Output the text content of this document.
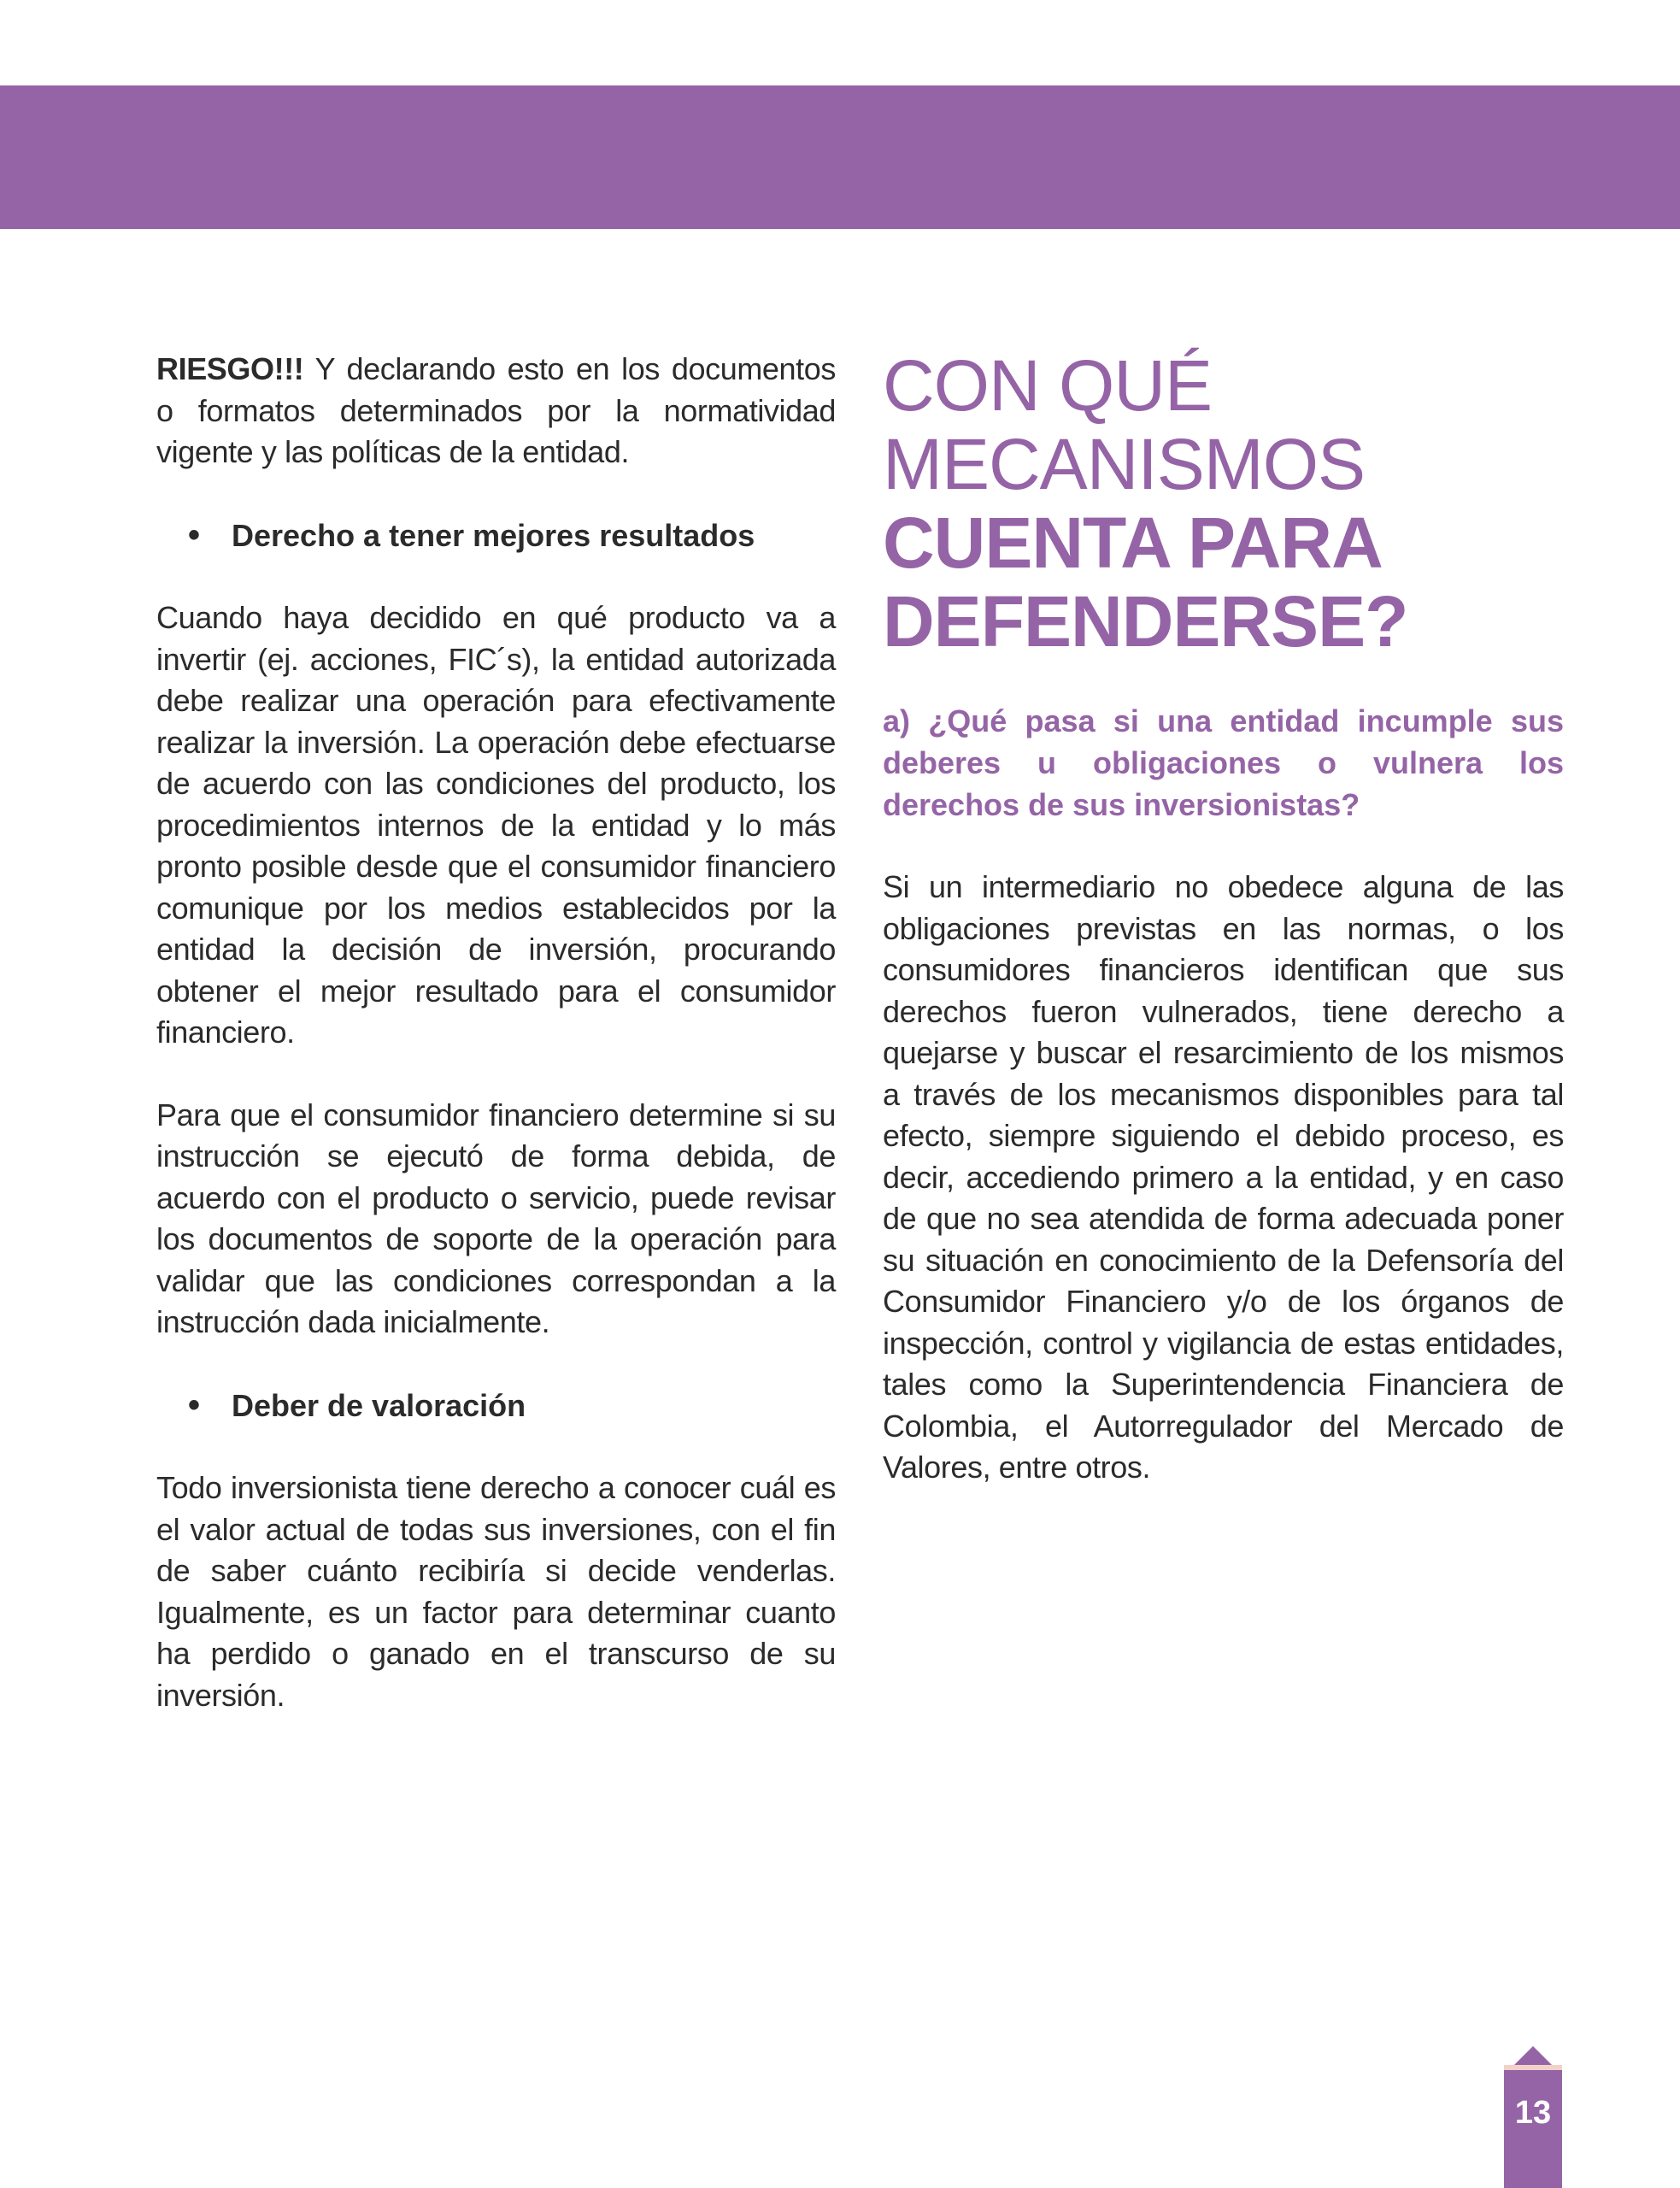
RIESGO!!! Y declarando esto en los documentos o formatos determinados por la normatividad vigente y las políticas de la entidad.

•	Derecho a tener mejores resultados

Cuando haya decidido en qué producto va a invertir (ej. acciones, FIC´s), la entidad autorizada debe realizar una operación para efectivamente realizar la inversión. La operación debe efectuarse de acuerdo con las condiciones del producto, los procedimientos internos de la entidad y lo más pronto posible desde que el consumidor financiero comunique por los medios establecidos por la entidad la decisión de inversión, procurando obtener el mejor resultado para el consumidor financiero.

Para que el consumidor financiero determine si su instrucción se ejecutó de forma debida, de acuerdo con el producto o servicio, puede revisar los documentos de soporte de la operación para validar que las condiciones correspondan a la instrucción dada inicialmente.

•	Deber de valoración

Todo inversionista tiene derecho a conocer cuál es el valor actual de todas sus inversiones, con el fin de saber cuánto recibiría si decide venderlas. Igualmente, es un factor para determinar cuanto ha perdido o ganado en el transcurso de su inversión.

CON QUÉ
MECANISMOS
CUENTA PARA
DEFENDERSE?

a) ¿Qué pasa si una entidad incumple sus deberes u obligaciones o vulnera los derechos de sus inversionistas?

Si un intermediario no obedece alguna de las obligaciones previstas en las normas, o los consumidores financieros identifican que sus derechos fueron vulnerados, tiene derecho a quejarse y buscar el resarcimiento de los mismos a través de los mecanismos disponibles para tal efecto, siempre siguiendo el debido proceso, es decir, accediendo primero a la entidad, y en caso de que no sea atendida de forma adecuada poner su situación en conocimiento de la Defensoría del Consumidor Financiero y/o de los órganos de inspección, control y vigilancia de estas entidades, tales como la Superintendencia Financiera de Colombia, el Autorregulador del Mercado de Valores, entre otros.

13
